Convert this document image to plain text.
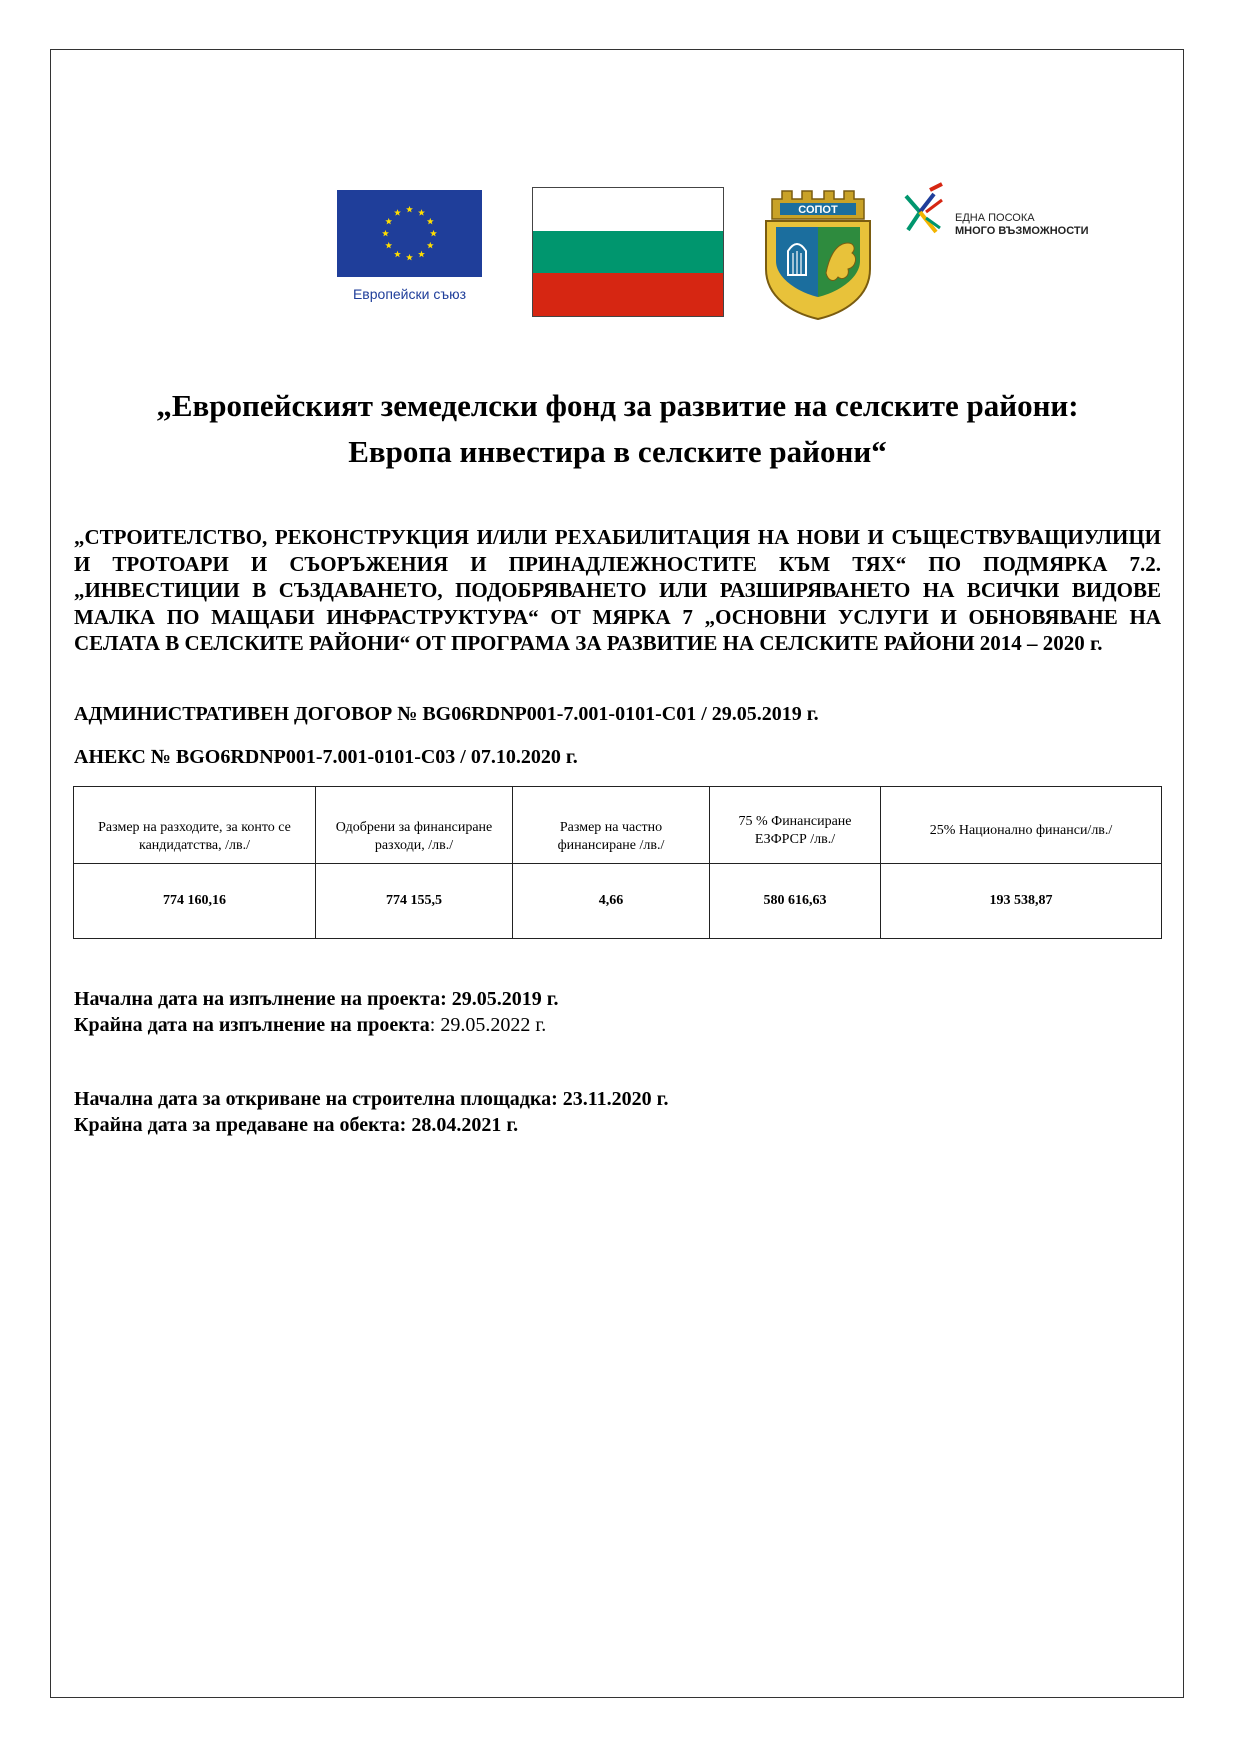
Европейски съюз
СОПОТ
ЕДНА ПОСОКА
МНОГО ВЪЗМОЖНОСТИ
„Европейският земеделски фонд за развитие на селските райони:
Европа инвестира в селските райони“
„СТРОИТЕЛСТВО, РЕКОНСТРУКЦИЯ И/ИЛИ РЕХАБИЛИТАЦИЯ НА НОВИ И СЪЩЕСТВУВАЩИУЛИЦИ И ТРОТОАРИ И СЪОРЪЖЕНИЯ И ПРИНАДЛЕЖНОСТИТЕ КЪМ ТЯХ“ ПО ПОДМЯРКА 7.2. „ИНВЕСТИЦИИ В СЪЗДАВАНЕТО, ПОДОБРЯВАНЕТО ИЛИ РАЗШИРЯВАНЕТО НА ВСИЧКИ ВИДОВЕ МАЛКА ПО МАЩАБИ ИНФРАСТРУКТУРА“ ОТ МЯРКА 7 „ОСНОВНИ УСЛУГИ И ОБНОВЯВАНЕ НА СЕЛАТА В СЕЛСКИТЕ РАЙОНИ“ ОТ ПРОГРАМА ЗА РАЗВИТИЕ НА СЕЛСКИТЕ РАЙОНИ 2014 – 2020 г.
АДМИНИСТРАТИВЕН ДОГОВОР № BG06RDNP001-7.001-0101-C01 / 29.05.2019 г.
АНЕКС № BGO6RDNP001-7.001-0101-C03 / 07.10.2020 г.
Размер на разходите, за конто се кандидатства, /лв./	Одобрени за финансиране разходи, /лв./	Размер на частно финансиране /лв./	75 % Финансиране ЕЗФРСР /лв./	25% Национално финанси/лв./

774 160,16	774 155,5	4,66	580 616,63	193 538,87
Начална дата на изпълнение на проекта: 29.05.2019 г.
Крайна дата на изпълнение на проекта: 29.05.2022 г.
Начална дата за откриване на строителна площадка: 23.11.2020 г.
Крайна дата за предаване на обекта: 28.04.2021 г.
